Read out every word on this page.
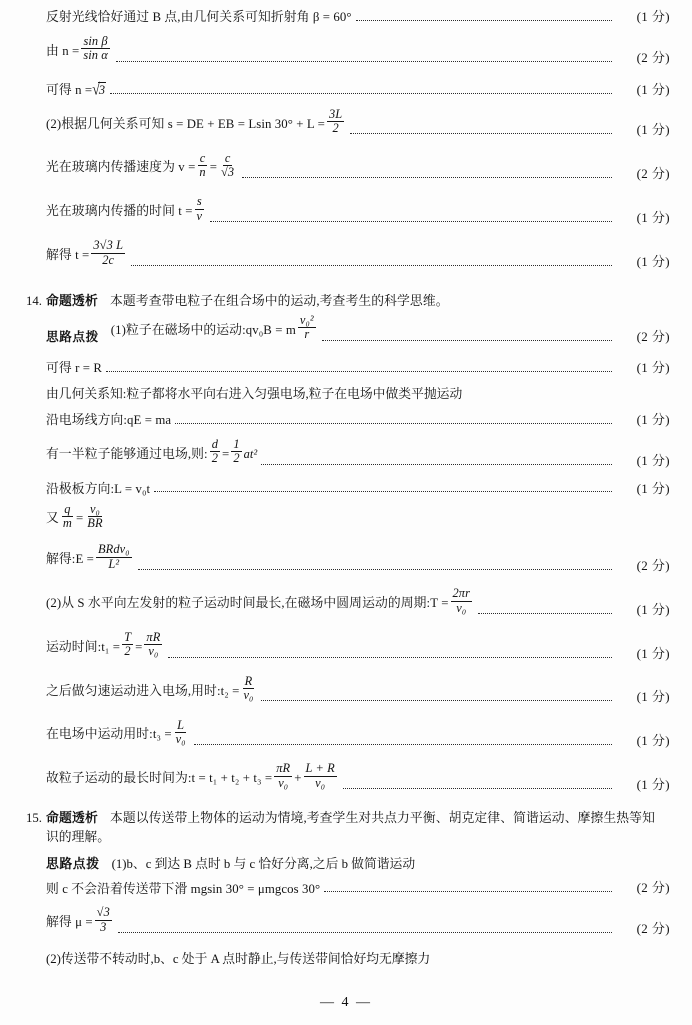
反射光线恰好通过 B 点,由几何关系可知折射角 β = 60°	(1 分)
由 $n = \frac{\text{sin β}}{\text{sin α}}$	(2 分)
可得 n =√3	(1 分)
(2)根据几何关系可知 s = DE + EB = Lsin $30^\circ + L = \frac{3L}{2}$	(1 分)
光在玻璃内传播速度为 $v = \frac{c}{n} = \frac{c}{√3}$	(2 分)
光在玻璃内传播的时间 $t = \frac{s}{v}$	(1 分)
解得 $t = \frac{3√3 L}{2c}$	(1 分)
14. 命题透析 本题考查带电粒子在组合场中的运动,考查考生的科学思维。
思路点拨
(1)粒子在磁场中的运动:qv₀B = m $\frac{\text{v₀²}}{r}$	(2 分)
可得 r = R	(1 分)
由几何关系知:粒子都将水平向右进入匀强电场,粒子在电场中做类平抛运动
沿电场线方向:qE = ma	(1 分)
有一半粒子能够通过电场,则: $\frac{d}{2} = \frac{1}{2} at^2$	(1 分)
沿极板方向:L = v₀t	(1 分)
又 $\frac{q}{m} = \frac{\text{v₀}}{BR}$
解得:E = $\frac{\text{BRdv₀}}{\text{L²}}$	(2 分)
(2)从 S 水平向左发射的粒子运动时间最长,在磁场中圆周运动的周期:T = $\frac{2\pi r}{\text{v₀}}$	(1 分)
运动时间:t₁ = $\frac{T}{2} = \frac{\pi R}{\text{v₀}}$	(1 分)
之后做匀速运动进入电场,用时:t₂ = $\frac{R}{\text{v₀}}$	(1 分)
在电场中运动用时:t₃ = $\frac{L}{\text{v₀}}$	(1 分)
故粒子运动的最长时间为:t = $t_1 + t_2 + t_3 = \frac{\pi R}{\text{v₀}} + \frac{L + R}{\text{v₀}}$	(1 分)
15. 命题透析 本题以传送带上物体的运动为情境,考查学生对共点力平衡、胡克定律、简谐运动、摩擦生热等知
识的理解。
思路点拨 (1)b、c 到达 B 点时 b 与 c 恰好分离,之后 b 做简谐运动
则 c 不会沿着传送带下滑 mgsin 30° = μmgcos 30°	(2 分)
解得 $\mu = \frac{√3}{3}$	(2 分)
(2)传送带不转动时,b、c 处于 A 点时静止,与传送带间恰好均无摩擦力
— 4 —
